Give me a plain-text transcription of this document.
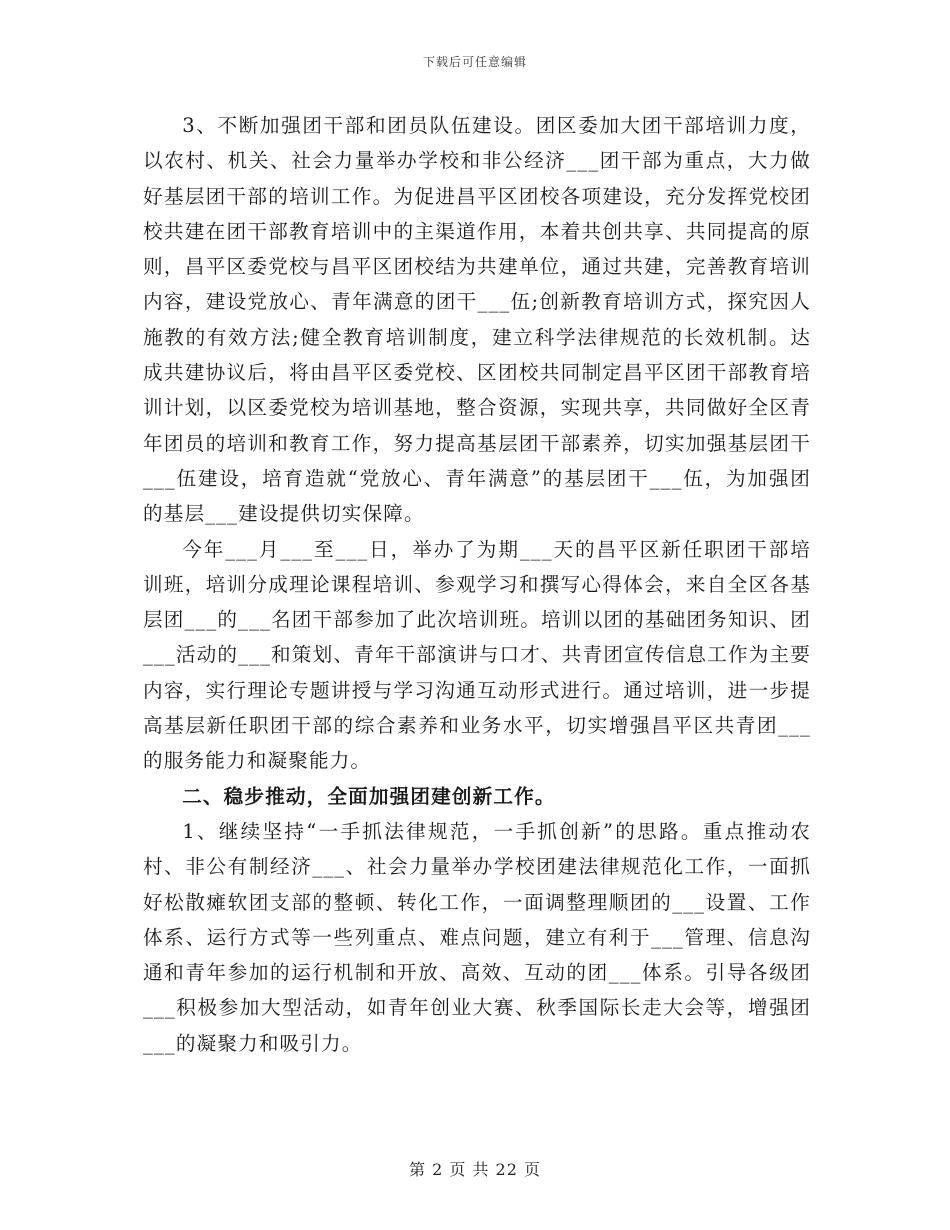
下载后可任意编辑

3、不断加强团干部和团员队伍建设。团区委加大团干部培训力度，以农村、机关、社会力量举办学校和非公经济___团干部为重点，大力做好基层团干部的培训工作。为促进昌平区团校各项建设，充分发挥党校团校共建在团干部教育培训中的主渠道作用，本着共创共享、共同提高的原则，昌平区委党校与昌平区团校结为共建单位，通过共建，完善教育培训内容，建设党放心、青年满意的团干___伍;创新教育培训方式，探究因人施教的有效方法;健全教育培训制度，建立科学法律规范的长效机制。达成共建协议后，将由昌平区委党校、区团校共同制定昌平区团干部教育培训计划，以区委党校为培训基地，整合资源，实现共享，共同做好全区青年团员的培训和教育工作，努力提高基层团干部素养，切实加强基层团干___伍建设，培育造就“党放心、青年满意”的基层团干___伍，为加强团的基层___建设提供切实保障。

今年___月___至___日，举办了为期___天的昌平区新任职团干部培训班，培训分成理论课程培训、参观学习和撰写心得体会，来自全区各基层团___的___名团干部参加了此次培训班。培训以团的基础团务知识、团___活动的___和策划、青年干部演讲与口才、共青团宣传信息工作为主要内容，实行理论专题讲授与学习沟通互动形式进行。通过培训，进一步提高基层新任职团干部的综合素养和业务水平，切实增强昌平区共青团___的服务能力和凝聚能力。

二、稳步推动，全面加强团建创新工作。

1、继续坚持“一手抓法律规范，一手抓创新”的思路。重点推动农村、非公有制经济___、社会力量举办学校团建法律规范化工作，一面抓好松散瘫软团支部的整顿、转化工作，一面调整理顺团的___设置、工作体系、运行方式等一些列重点、难点问题，建立有利于___管理、信息沟通和青年参加的运行机制和开放、高效、互动的团___体系。引导各级团___积极参加大型活动，如青年创业大赛、秋季国际长走大会等，增强团___的凝聚力和吸引力。

第 2 页 共 22 页
